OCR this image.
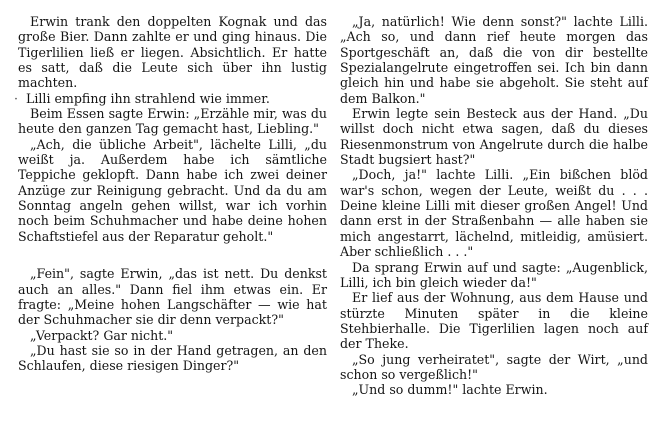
Erwin trank den doppelten Kognak und das große Bier. Dann zahlte er und ging hinaus. Die Tigerlilien ließ er liegen. Absichtlich. Er hatte es satt, daß die Leute sich über ihn lustig machten.

· Lilli empfing ihn strahlend wie immer.

Beim Essen sagte Erwin: „Erzähle mir, was du heute den ganzen Tag gemacht hast, Liebling."

„Ach, die übliche Arbeit", lächelte Lilli, „du weißt ja. Außerdem habe ich sämtliche Teppiche geklopft. Dann habe ich zwei deiner Anzüge zur Reinigung gebracht. Und da du am Sonntag angeln gehen willst, war ich vorhin noch beim Schuhmacher und habe deine hohen Schaftstiefel aus der Reparatur geholt."

„Fein", sagte Erwin, „das ist nett. Du denkst auch an alles." Dann fiel ihm etwas ein. Er fragte: „Meine hohen Langschäfter — wie hat der Schuhmacher sie dir denn verpackt?"

„Verpackt? Gar nicht."

„Du hast sie so in der Hand getragen, an den Schlaufen, diese riesigen Dinger?"

„Ja, natürlich! Wie denn sonst?" lachte Lilli. „Ach so, und dann rief heute morgen das Sportgeschäft an, daß die von dir bestellte Spezialangelrute eingetroffen sei. Ich bin dann gleich hin und habe sie abgeholt. Sie steht auf dem Balkon."

Erwin legte sein Besteck aus der Hand. „Du willst doch nicht etwa sagen, daß du dieses Riesenmonstrum von Angelrute durch die halbe Stadt bugsiert hast?"

„Doch, ja!" lachte Lilli. „Ein bißchen blöd war's schon, wegen der Leute, weißt du . . . Deine kleine Lilli mit dieser großen Angel! Und dann erst in der Straßenbahn — alle haben sie mich angestarrt, lächelnd, mitleidig, amüsiert. Aber schließlich . . ."

Da sprang Erwin auf und sagte: „Augenblick, Lilli, ich bin gleich wieder da!"

Er lief aus der Wohnung, aus dem Hause und stürzte Minuten später in die kleine Stehbierhalle. Die Tigerlilien lagen noch auf der Theke.

„So jung verheiratet", sagte der Wirt, „und schon so vergeßlich!"

„Und so dumm!" lachte Erwin.
